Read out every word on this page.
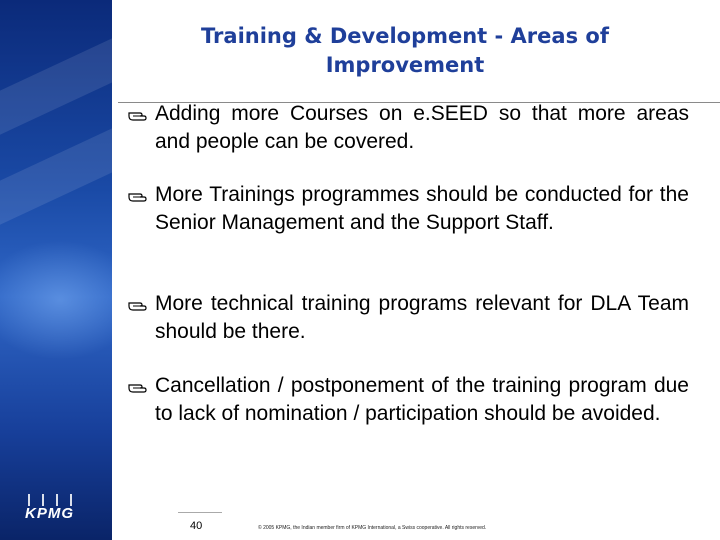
KPMG
Training & Development - Areas of
Improvement
Adding more Courses on e.SEED so that more areas and people can be covered.
More Trainings programmes should be conducted for the Senior Management and the Support Staff.
More technical training programs relevant for DLA Team should be there.
Cancellation / postponement of the training program due to lack of nomination / participation should be avoided.
40	© 2005 KPMG, the Indian member firm of KPMG International, a Swiss cooperative. All rights reserved.
